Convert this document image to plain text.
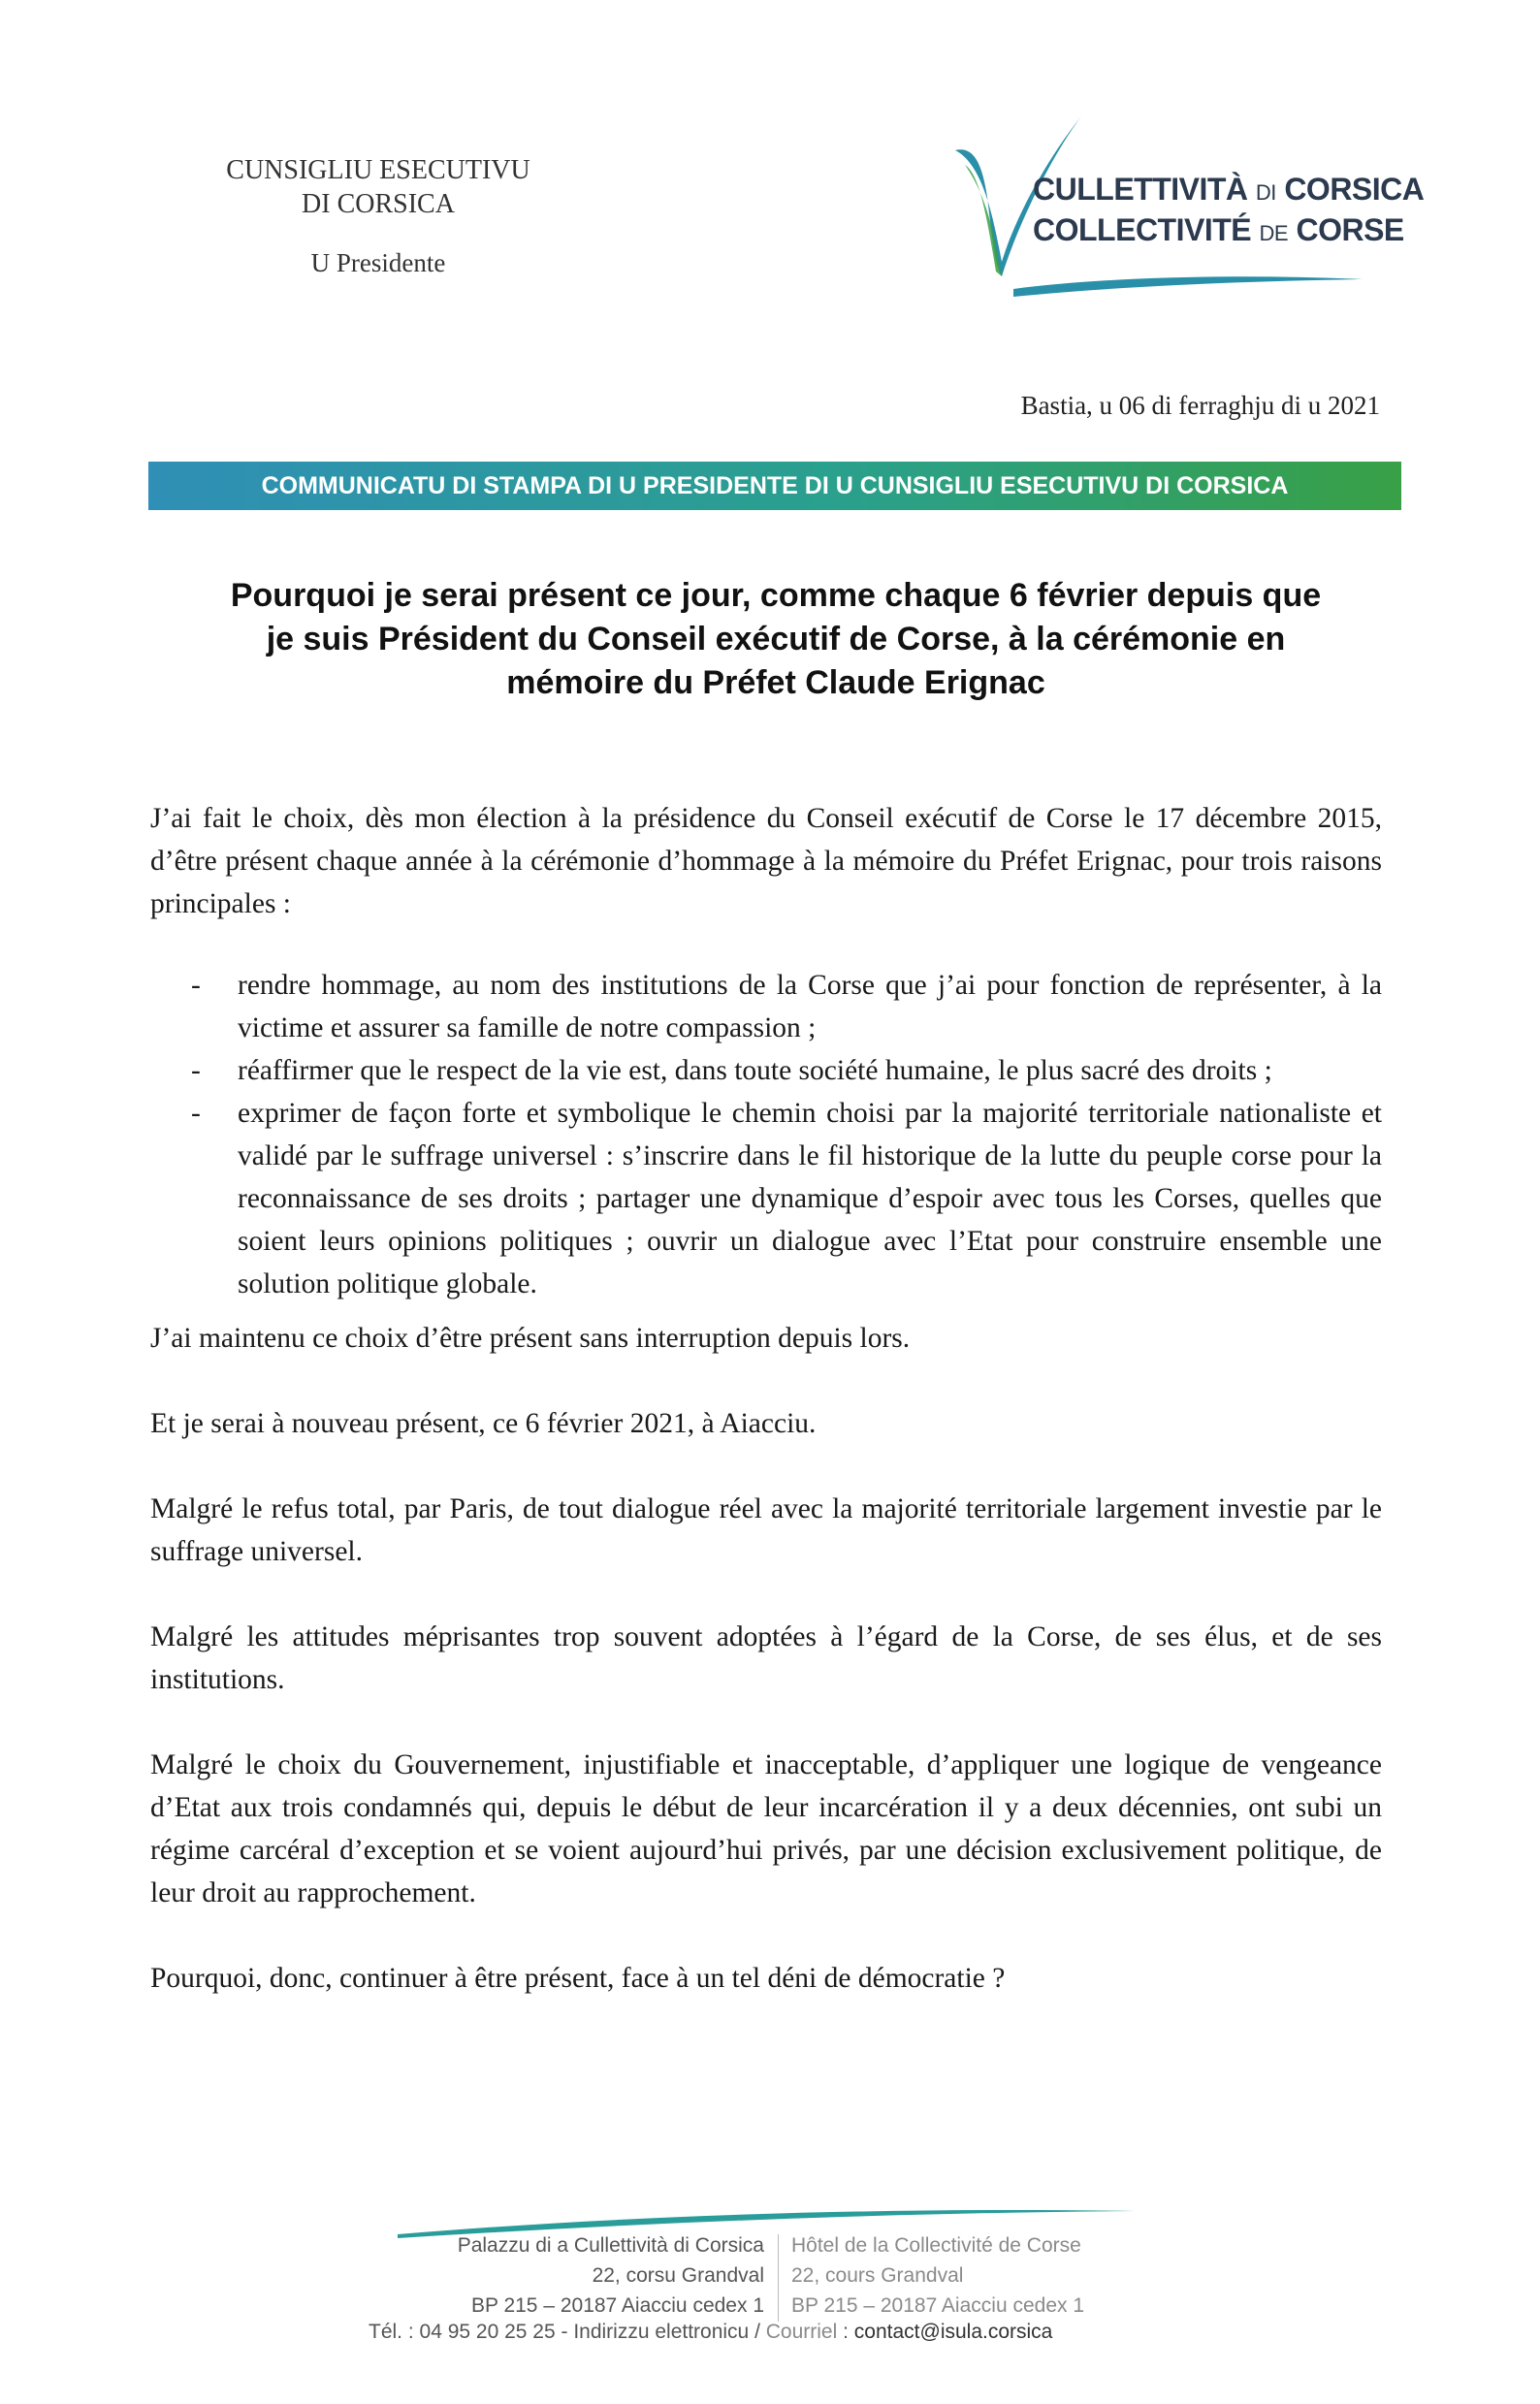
CUNSIGLIU ESECUTIVU
DI CORSICA
U Presidente
CULLETTIVITÀ DI CORSICA
COLLECTIVITÉ DE CORSE
Bastia, u 06 di ferraghju di u 2021
COMMUNICATU DI STAMPA DI U PRESIDENTE DI U CUNSIGLIU ESECUTIVU DI CORSICA
Pourquoi je serai présent ce jour, comme chaque 6 février depuis que
je suis Président du Conseil exécutif de Corse, à la cérémonie en
mémoire du Préfet Claude Erignac

J’ai fait le choix, dès mon élection à la présidence du Conseil exécutif de Corse le 17 décembre 2015, d’être présent chaque année à la cérémonie d’hommage à la mémoire du Préfet Erignac, pour trois raisons principales :

- rendre hommage, au nom des institutions de la Corse que j’ai pour fonction de représenter, à la victime et assurer sa famille de notre compassion ;
- réaffirmer que le respect de la vie est, dans toute société humaine, le plus sacré des droits ;
- exprimer de façon forte et symbolique le chemin choisi par la majorité territoriale nationaliste et validé par le suffrage universel : s’inscrire dans le fil historique de la lutte du peuple corse pour la reconnaissance de ses droits ; partager une dynamique d’espoir avec tous les Corses, quelles que soient leurs opinions politiques ; ouvrir un dialogue avec l’Etat pour construire ensemble une solution politique globale.

J’ai maintenu ce choix d’être présent sans interruption depuis lors.

Et je serai à nouveau présent, ce 6 février 2021, à Aiacciu.

Malgré le refus total, par Paris, de tout dialogue réel avec la majorité territoriale largement investie par le suffrage universel.

Malgré les attitudes méprisantes trop souvent adoptées à l’égard de la Corse, de ses élus, et de ses institutions.

Malgré le choix du Gouvernement, injustifiable et inacceptable, d’appliquer une logique de vengeance d’Etat aux trois condamnés qui, depuis le début de leur incarcération il y a deux décennies, ont subi un régime carcéral d’exception et se voient aujourd’hui privés, par une décision exclusivement politique, de leur droit au rapprochement.

Pourquoi, donc, continuer à être présent, face à un tel déni de démocratie ?

Palazzu di a Cullettività di Corsica
22, corsu Grandval
BP 215 – 20187 Aiacciu cedex 1
Hôtel de la Collectivité de Corse
22, cours Grandval
BP 215 – 20187 Aiacciu cedex 1
Tél. : 04 95 20 25 25 - Indirizzu elettronicu / Courriel : contact@isula.corsica
